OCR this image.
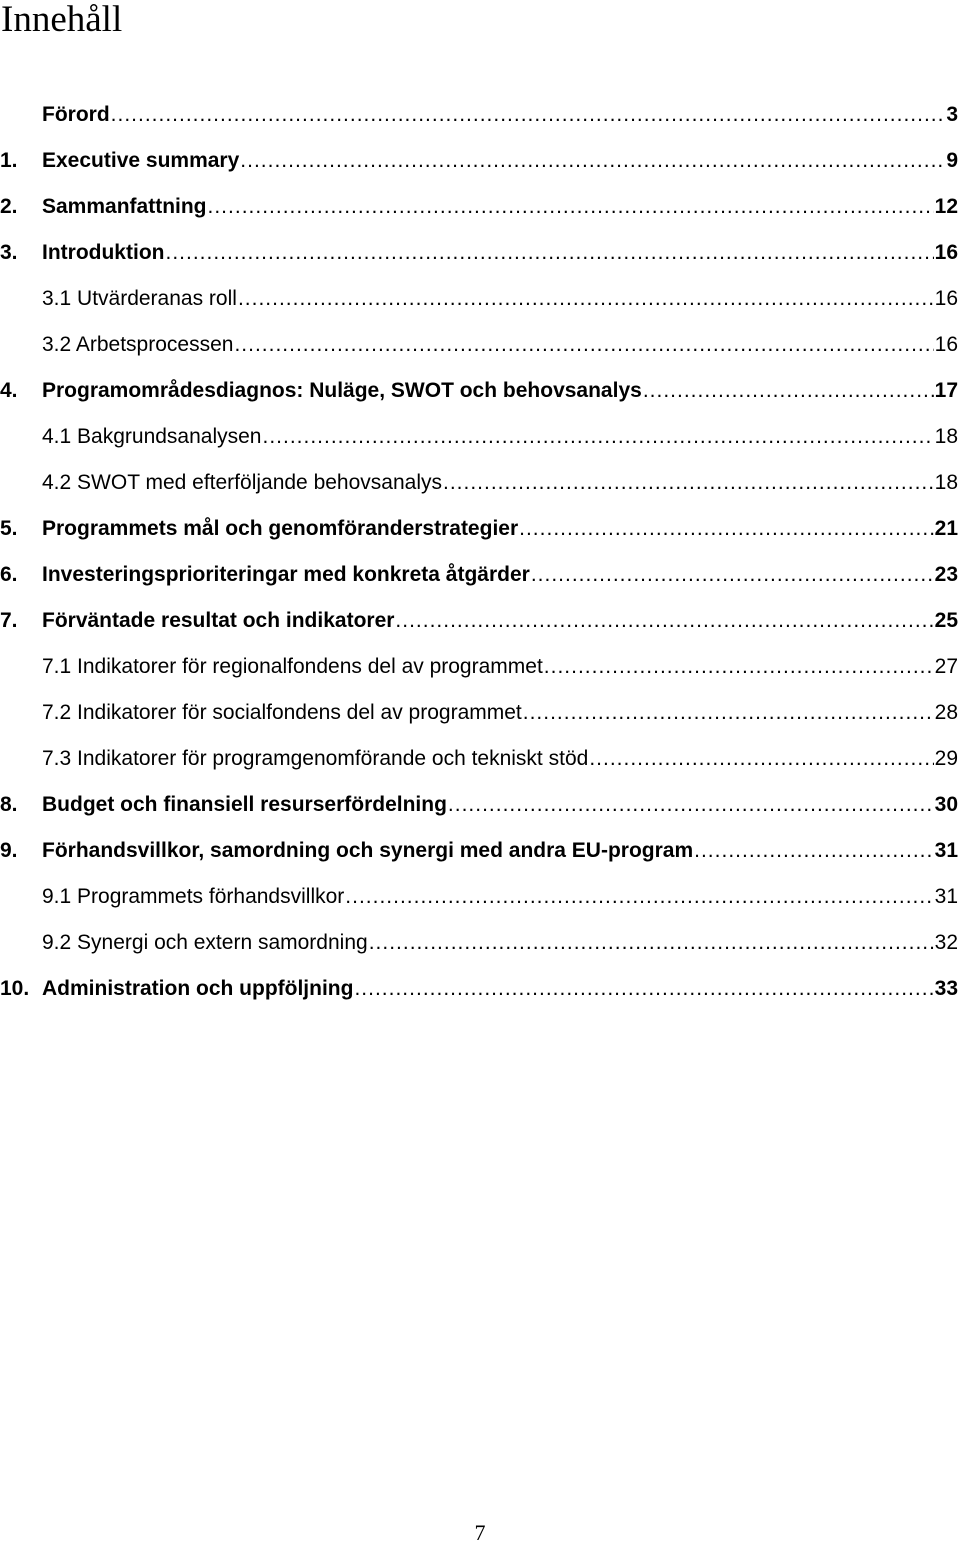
Innehåll
Förord .....	3
1.	Executive summary .....	9
2.	Sammanfattning .....	12
3.	Introduktion .....	16
3.1 Utvärderanas roll .....	16
3.2 Arbetsprocessen .....	16
4.	Programområdesdiagnos: Nuläge, SWOT och behovsanalys .....	17
4.1 Bakgrundsanalysen .....	18
4.2 SWOT med efterföljande behovsanalys .....	18
5.	Programmets mål och genomföranderstrategier .....	21
6.	Investeringsprioriteringar med konkreta åtgärder .....	23
7.	Förväntade resultat och indikatorer .....	25
7.1 Indikatorer för regionalfondens del av programmet .....	27
7.2 Indikatorer för socialfondens del av programmet .....	28
7.3 Indikatorer för programgenomförande och tekniskt stöd .....	29
8.	Budget och finansiell resurserfördelning .....	30
9.	Förhandsvillkor, samordning och synergi med andra EU-program .....	31
9.1 Programmets förhandsvillkor .....	31
9.2 Synergi och extern samordning .....	32
10. Administration och uppföljning .....	33
7
